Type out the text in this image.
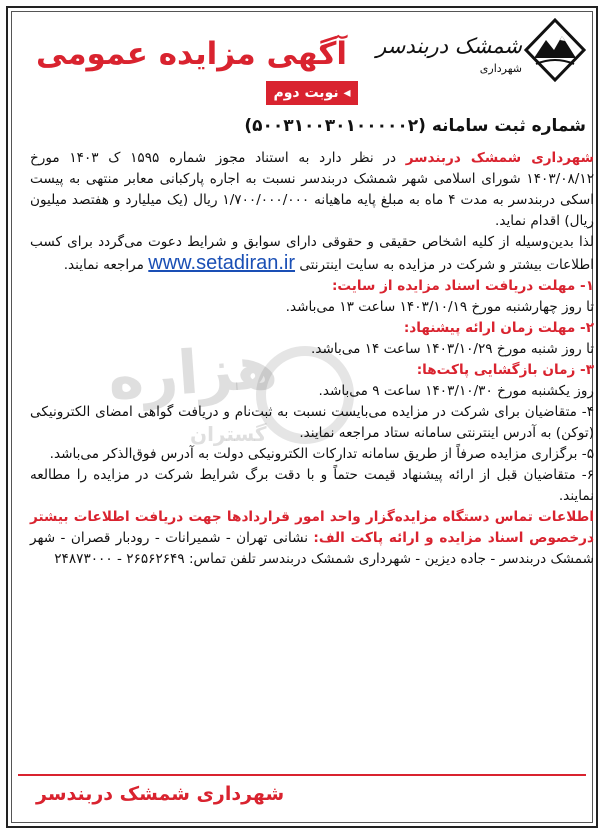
آگهی مزایده عمومی شمشک دربندسر
شهرداری
◂ نوبت دوم
شماره ثبت سامانه (۵۰۰۳۱۰۰۳۰۱۰۰۰۰۰۲)
هزاره
گستران

شهرداری شمشک دربندسر در نظر دارد به استناد مجوز شماره ۱۵۹۵ ک ۱۴۰۳ مورخ ۱۴۰۳/۰۸/۱۲ شورای اسلامی شهر شمشک دربندسر نسبت به اجاره پارکبانی معابر منتهی به پیست اسکی دربندسر به مدت ۴ ماه به مبلغ پایه ماهیانه ۱/۷۰۰/۰۰۰/۰۰۰ ریال (یک میلیارد و هفتصد میلیون ریال) اقدام نماید.

لذا بدین‌وسیله از کلیه اشخاص حقیقی و حقوقی دارای سوابق و شرایط دعوت می‌گردد برای کسب اطلاعات بیشتر و شرکت در مزایده به سایت اینترنتی www.setadiran.ir مراجعه نمایند.

۱- مهلت دریافت اسناد مزایده از سایت:

تا روز چهارشنبه مورخ ۱۴۰۳/۱۰/۱۹ ساعت ۱۳ می‌باشد.

۲- مهلت زمان ارائه پیشنهاد:

تا روز شنبه مورخ ۱۴۰۳/۱۰/۲۹ ساعت ۱۴ می‌باشد.

۳- زمان بازگشایی پاکت‌ها:

روز یکشنبه مورخ ۱۴۰۳/۱۰/۳۰ ساعت ۹ می‌باشد.

۴- متقاضیان برای شرکت در مزایده می‌بایست نسبت به ثبت‌نام و دریافت گواهی امضای الکترونیکی (توکن) به آدرس اینترنتی سامانه ستاد مراجعه نمایند.

۵- برگزاری مزایده صرفاً از طریق سامانه تدارکات الکترونیکی دولت به آدرس فوق‌الذکر می‌باشد.

۶- متقاضیان قبل از ارائه پیشنهاد قیمت حتماً و با دقت برگ شرایط شرکت در مزایده را مطالعه نمایند.

اطلاعات تماس دستگاه مزایده‌گزار واحد امور قراردادها جهت دریافت اطلاعات بیشتر درخصوص اسناد مزایده و ارائه پاکت الف: نشانی تهران - شمیرانات - رودبار قصران - شهر شمشک دربندسر - جاده دیزین - شهرداری شمشک دربندسر تلفن تماس: ۲۶۵۶۲۶۴۹ - ۲۴۸۷۳۰۰۰

شهرداری شمشک دربندسر
